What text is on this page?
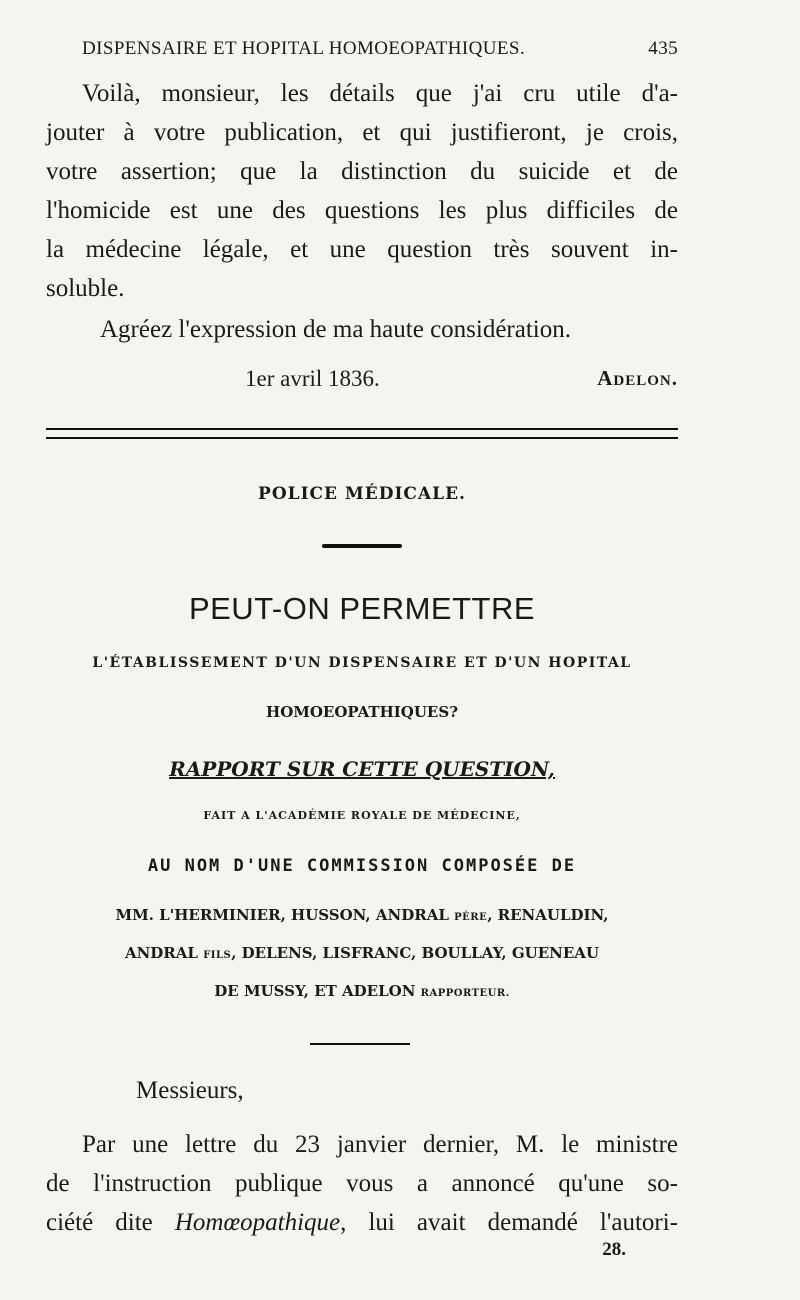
DISPENSAIRE ET HOPITAL HOMOEOPATHIQUES.	435
Voilà, monsieur, les détails que j'ai cru utile d'a-
jouter à votre publication, et qui justifieront, je crois,
votre assertion; que la distinction du suicide et de
l'homicide est une des questions les plus difficiles de
la médecine légale, et une question très souvent in-
soluble.
Agréez l'expression de ma haute considération.
1er avril 1836.	Adelon.
POLICE MÉDICALE.
PEUT-ON PERMETTRE
L'ÉTABLISSEMENT D'UN DISPENSAIRE ET D'UN HOPITAL
HOMOEOPATHIQUES?
RAPPORT SUR CETTE QUESTION,
FAIT A L'ACADÉMIE ROYALE DE MÉDECINE,
AU NOM D'UNE COMMISSION COMPOSÉE DE
MM. L'HERMINIER, HUSSON, ANDRAL PÈRE, RENAULDIN,
ANDRAL FILS, DELENS, LISFRANC, BOULLAY, GUENEAU
DE MUSSY, ET ADELON RAPPORTEUR.
Messieurs,
Par une lettre du 23 janvier dernier, M. le ministre
de l'instruction publique vous a annoncé qu'une so-
ciété dite Homœopathique, lui avait demandé l'autori-
28.
